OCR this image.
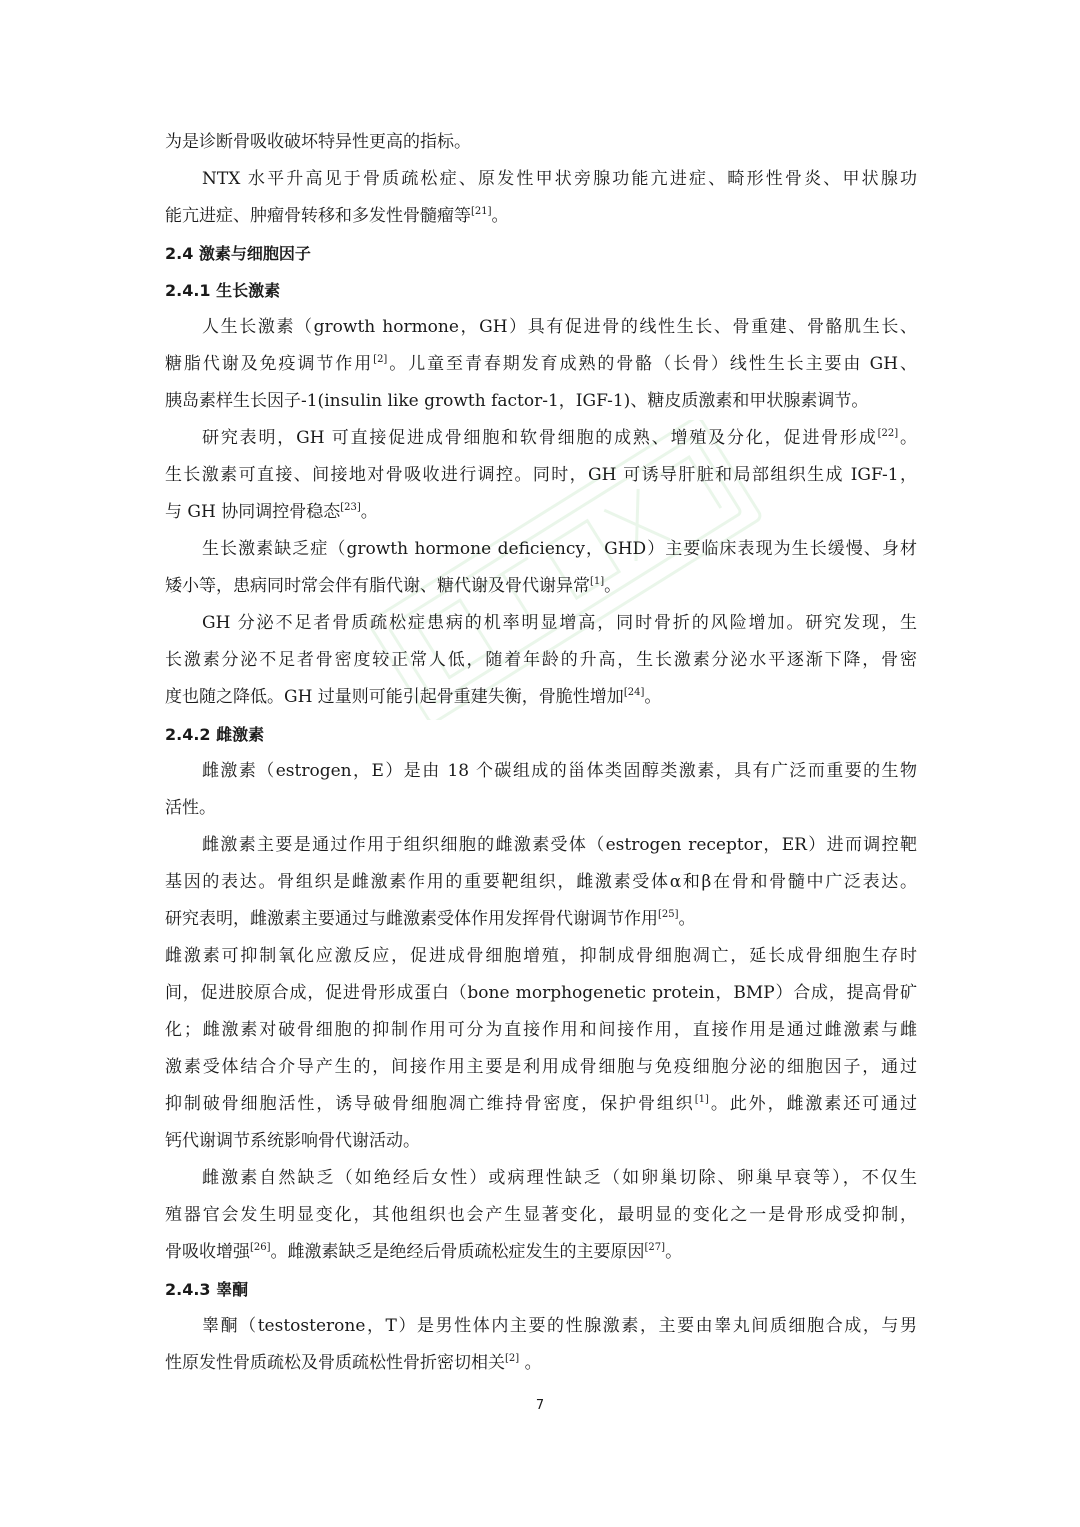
为是诊断骨吸收破坏特异性更高的指标。
NTX 水平升高见于骨质疏松症、原发性甲状旁腺功能亢进症、畸形性骨炎、甲状腺功
能亢进症、肿瘤骨转移和多发性骨髓瘤等[21]。
2.4 激素与细胞因子
2.4.1 生长激素
人生长激素（growth hormone，GH）具有促进骨的线性生长、骨重建、骨骼肌生长、
糖脂代谢及免疫调节作用[2]。儿童至青春期发育成熟的骨骼（长骨）线性生长主要由 GH、
胰岛素样生长因子-1(insulin like growth factor-1，IGF-1)、糖皮质激素和甲状腺素调节。
研究表明，GH 可直接促进成骨细胞和软骨细胞的成熟、增殖及分化，促进骨形成[22]。
生长激素可直接、间接地对骨吸收进行调控。同时，GH 可诱导肝脏和局部组织生成 IGF-1，
与 GH 协同调控骨稳态[23]。
生长激素缺乏症（growth hormone deficiency，GHD）主要临床表现为生长缓慢、身材
矮小等，患病同时常会伴有脂代谢、糖代谢及骨代谢异常[1]。
GH 分泌不足者骨质疏松症患病的机率明显增高，同时骨折的风险增加。研究发现，生
长激素分泌不足者骨密度较正常人低，随着年龄的升高，生长激素分泌水平逐渐下降，骨密
度也随之降低。GH 过量则可能引起骨重建失衡，骨脆性增加[24]。
2.4.2 雌激素
雌激素（estrogen，E）是由 18 个碳组成的甾体类固醇类激素，具有广泛而重要的生物
活性。
雌激素主要是通过作用于组织细胞的雌激素受体（estrogen receptor，ER）进而调控靶
基因的表达。骨组织是雌激素作用的重要靶组织，雌激素受体α和β在骨和骨髓中广泛表达。
研究表明，雌激素主要通过与雌激素受体作用发挥骨代谢调节作用[25]。
雌激素可抑制氧化应激反应，促进成骨细胞增殖，抑制成骨细胞凋亡，延长成骨细胞生存时
间，促进胶原合成，促进骨形成蛋白（bone morphogenetic protein，BMP）合成，提高骨矿
化；雌激素对破骨细胞的抑制作用可分为直接作用和间接作用，直接作用是通过雌激素与雌
激素受体结合介导产生的，间接作用主要是利用成骨细胞与免疫细胞分泌的细胞因子，通过
抑制破骨细胞活性，诱导破骨细胞凋亡维持骨密度，保护骨组织[1]。此外，雌激素还可通过
钙代谢调节系统影响骨代谢活动。
雌激素自然缺乏（如绝经后女性）或病理性缺乏（如卵巢切除、卵巢早衰等），不仅生
殖器官会发生明显变化，其他组织也会产生显著变化，最明显的变化之一是骨形成受抑制，
骨吸收增强[26]。雌激素缺乏是绝经后骨质疏松症发生的主要原因[27]。
2.4.3 睾酮
睾酮（testosterone，T）是男性体内主要的性腺激素，主要由睾丸间质细胞合成，与男
性原发性骨质疏松及骨质疏松性骨折密切相关[2] 。
7
